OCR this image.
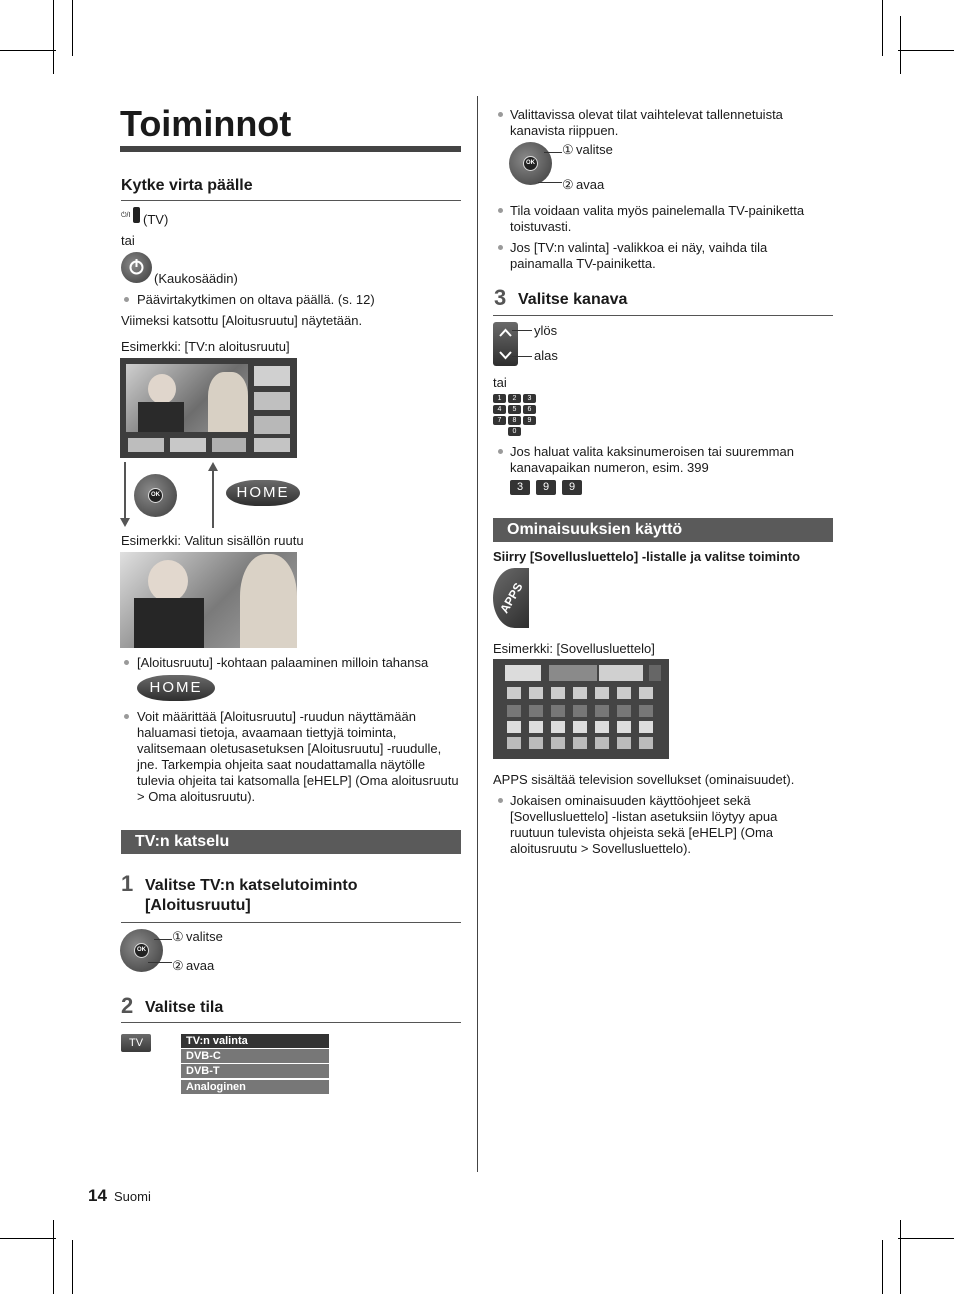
Toiminnot
Kytke virta päälle
⏻/I (TV)
tai
(Kaukosäädin)
Päävirtakytkimen on oltava päällä. (s. 12)
Viimeksi katsottu [Aloitusruutu] näytetään.
Esimerkki: [TV:n aloitusruutu]
OK	HOME
Esimerkki: Valitun sisällön ruutu
[Aloitusruutu] -kohtaan palaaminen milloin tahansa
HOME
Voit määrittää [Aloitusruutu] -ruudun näyttämään haluamasi tietoja, avaamaan tiettyjä toiminta, valitsemaan oletusasetuksen [Aloitusruutu] -ruudulle, jne. Tarkempia ohjeita saat noudattamalla näytölle tulevia ohjeita tai katsomalla [eHELP] (Oma aloitusruutu > Oma aloitusruutu).
TV:n katselu
1 Valitse TV:n katselutoiminto [Aloitusruutu]
OK
① valitse
② avaa
2 Valitse tila
TV	TV:n valinta
DVB-C
DVB-T
Analoginen
Valittavissa olevat tilat vaihtelevat tallennetuista kanavista riippuen.
OK
① valitse
② avaa
Tila voidaan valita myös painelemalla TV-painiketta toistuvasti.
Jos [TV:n valinta] -valikkoa ei näy, vaihda tila painamalla TV-painiketta.
3 Valitse kanava
ylös
alas
tai
1	2	3
4	5	6
7	8	9
0
Jos haluat valita kaksinumeroisen tai suuremman kanavapaikan numeron, esim. 399
3	9	9
Ominaisuuksien käyttö
Siirry [Sovellusluettelo] -listalle ja valitse toiminto
APPS
Esimerkki: [Sovellusluettelo]
APPS sisältää television sovellukset (ominaisuudet).
Jokaisen ominaisuuden käyttöohjeet sekä [Sovellusluettelo] -listan asetuksiin löytyy apua ruutuun tulevista ohjeista sekä [eHELP] (Oma aloitusruutu > Sovellusluettelo).
14 Suomi
